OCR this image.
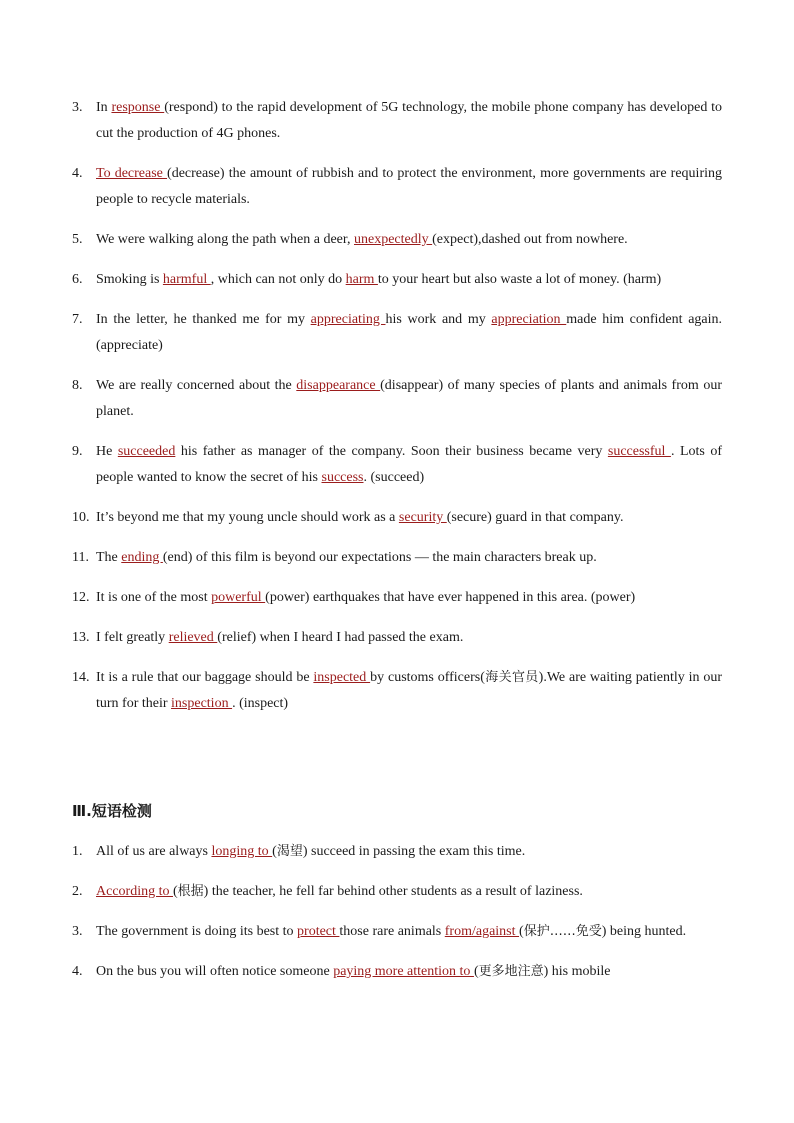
3. In response (respond) to the rapid development of 5G technology, the mobile phone company has developed to cut the production of 4G phones.
4. To decrease (decrease) the amount of rubbish and to protect the environment, more governments are requiring people to recycle materials.
5. We were walking along the path when a deer, unexpectedly (expect),dashed out from nowhere.
6. Smoking is harmful , which can not only do harm to your heart but also waste a lot of money. (harm)
7. In the letter, he thanked me for my appreciating his work and my appreciation made him confident again. (appreciate)
8. We are really concerned about the disappearance (disappear) of many species of plants and animals from our planet.
9. He succeeded his father as manager of the company. Soon their business became very successful . Lots of people wanted to know the secret of his success. (succeed)
10. It’s beyond me that my young uncle should work as a security (secure) guard in that company.
11. The ending (end) of this film is beyond our expectations — the main characters break up.
12. It is one of the most powerful (power) earthquakes that have ever happened in this area. (power)
13. I felt greatly relieved (relief) when I heard I had passed the exam.
14. It is a rule that our baggage should be inspected by customs officers(海关官员).We are waiting patiently in our turn for their inspection . (inspect)
Ⅲ.短语检测
1. All of us are always longing to (渴望) succeed in passing the exam this time.
2. According to (根据) the teacher, he fell far behind other students as a result of laziness.
3. The government is doing its best to protect those rare animals from/against (保护……免受) being hunted.
4. On the bus you will often notice someone paying more attention to (更多地注意) his mobile
